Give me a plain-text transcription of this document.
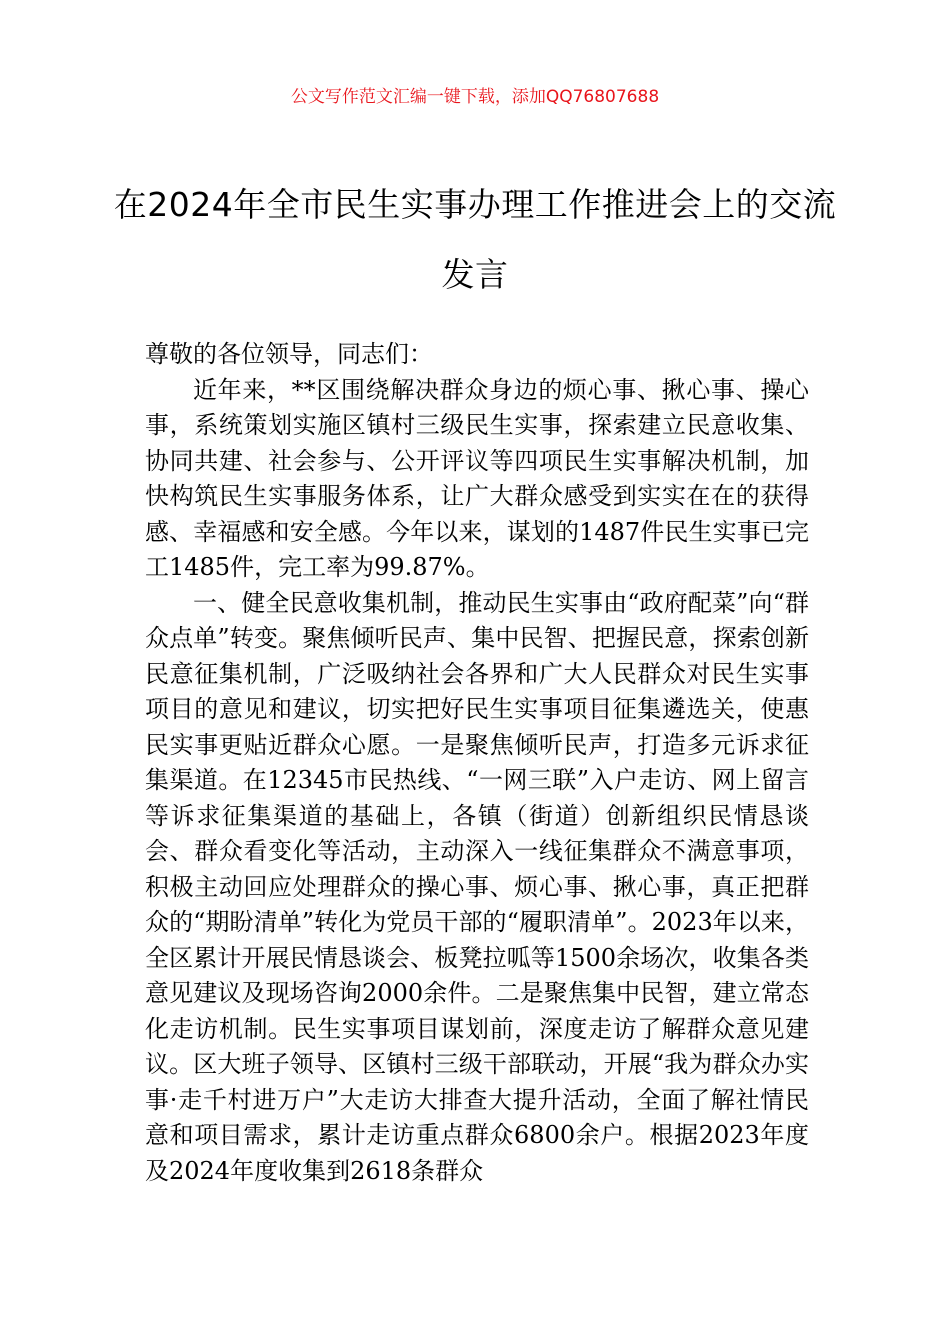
公文写作范文汇编一键下载，添加QQ76807688
在2024年全市民生实事办理工作推进会上的交流发言

尊敬的各位领导，同志们：

近年来，**区围绕解决群众身边的烦心事、揪心事、操心事，系统策划实施区镇村三级民生实事，探索建立民意收集、协同共建、社会参与、公开评议等四项民生实事解决机制，加快构筑民生实事服务体系，让广大群众感受到实实在在的获得感、幸福感和安全感。今年以来，谋划的1487件民生实事已完工1485件，完工率为99.87%。

一、健全民意收集机制，推动民生实事由“政府配菜”向“群众点单”转变。聚焦倾听民声、集中民智、把握民意，探索创新民意征集机制，广泛吸纳社会各界和广大人民群众对民生实事项目的意见和建议，切实把好民生实事项目征集遴选关，使惠民实事更贴近群众心愿。一是聚焦倾听民声，打造多元诉求征集渠道。在12345市民热线、“一网三联”入户走访、网上留言等诉求征集渠道的基础上，各镇（街道）创新组织民情恳谈会、群众看变化等活动，主动深入一线征集群众不满意事项，积极主动回应处理群众的操心事、烦心事、揪心事，真正把群众的“期盼清单”转化为党员干部的“履职清单”。2023年以来，全区累计开展民情恳谈会、板凳拉呱等1500余场次，收集各类意见建议及现场咨询2000余件。二是聚焦集中民智，建立常态化走访机制。民生实事项目谋划前，深度走访了解群众意见建议。区大班子领导、区镇村三级干部联动，开展“我为群众办实事·走千村进万户”大走访大排查大提升活动，全面了解社情民意和项目需求，累计走访重点群众6800余户。根据2023年度及2024年度收集到2618条群众
